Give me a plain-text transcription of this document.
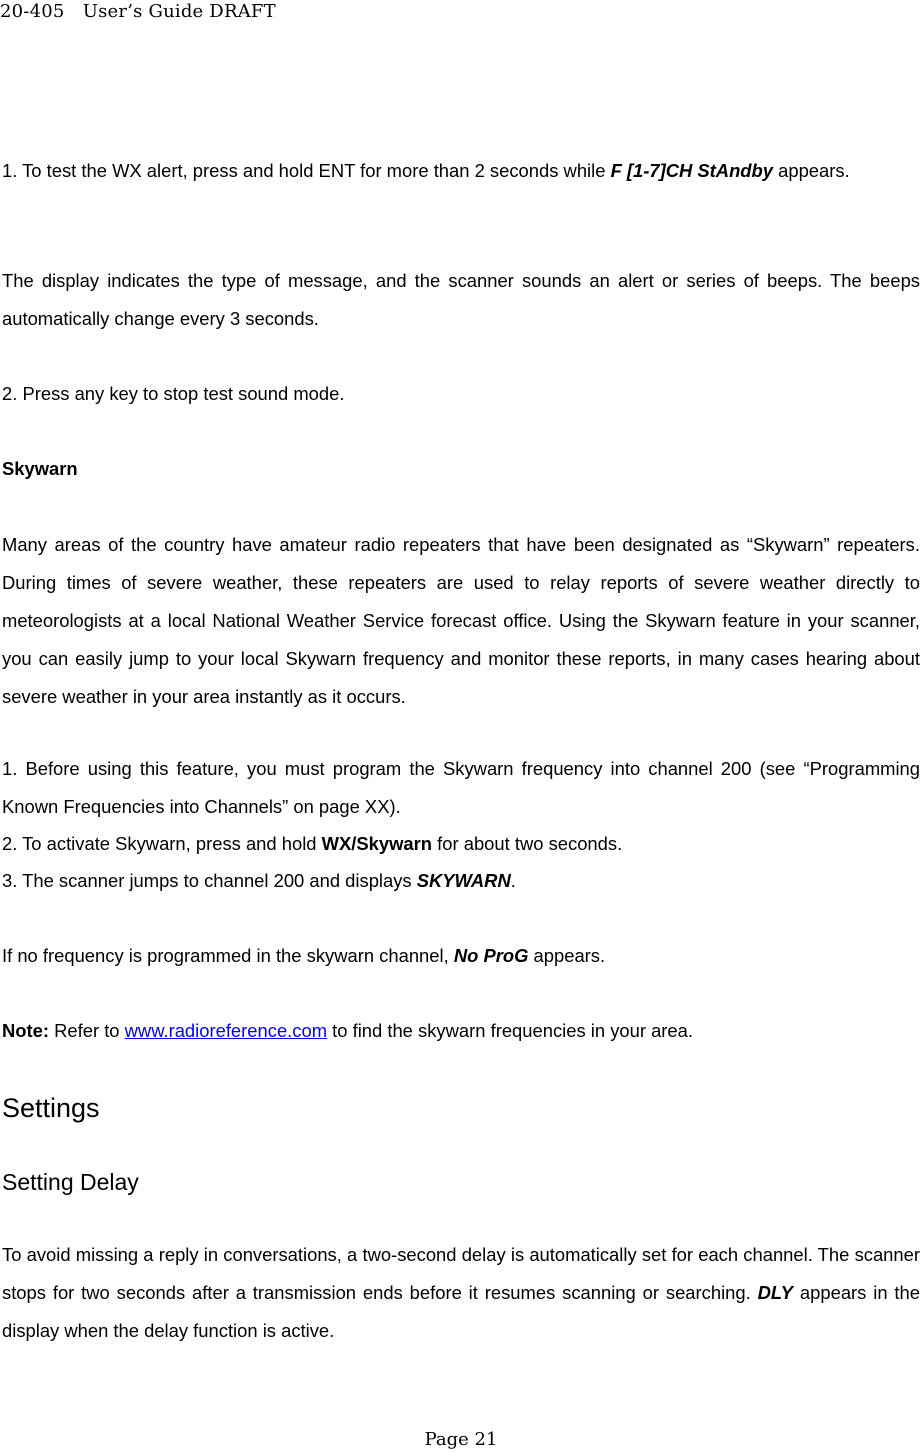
20-405　User’s Guide DRAFT

1. To test the WX alert, press and hold ENT for more than 2 seconds while F [1-7]CH StAndby appears.

The display indicates the type of message, and the scanner sounds an alert or series of beeps. The beeps automatically change every 3 seconds.

2. Press any key to stop test sound mode.

Skywarn

Many areas of the country have amateur radio repeaters that have been designated as “Skywarn” repeaters. During times of severe weather, these repeaters are used to relay reports of severe weather directly to meteorologists at a local National Weather Service forecast office. Using the Skywarn feature in your scanner, you can easily jump to your local Skywarn frequency and monitor these reports, in many cases hearing about severe weather in your area instantly as it occurs.

1. Before using this feature, you must program the Skywarn frequency into channel 200 (see “Programming Known Frequencies into Channels” on page XX).

2. To activate Skywarn, press and hold WX/Skywarn for about two seconds.

3. The scanner jumps to channel 200 and displays SKYWARN.

If no frequency is programmed in the skywarn channel, No ProG appears.

Note: Refer to www.radioreference.com to find the skywarn frequencies in your area.

Settings
Setting Delay

To avoid missing a reply in conversations, a two-second delay is automatically set for each channel. The scanner stops for two seconds after a transmission ends before it resumes scanning or searching. DLY appears in the display when the delay function is active.

Page 21
